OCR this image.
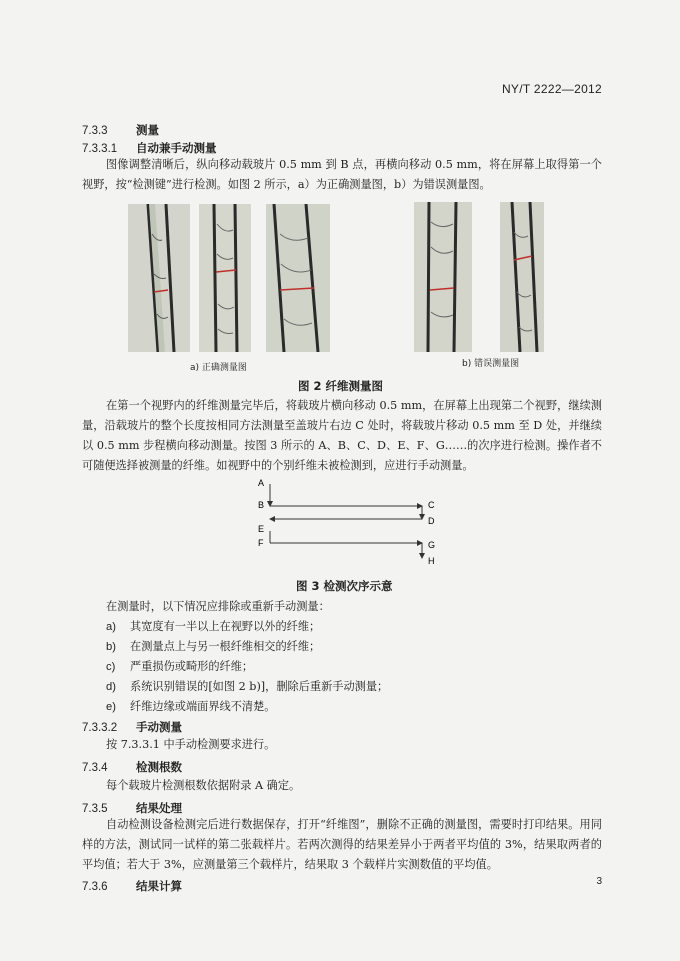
NY/T 2222—2012
7.3.3 测量
7.3.3.1 自动兼手动测量
图像调整清晰后，纵向移动载玻片 0.5 mm 到 B 点，再横向移动 0.5 mm，将在屏幕上取得第一个视野，按“检测键”进行检测。如图 2 所示，a）为正确测量图，b）为错误测量图。
a) 正确测量图	b) 错误测量图
图 2 纤维测量图
在第一个视野内的纤维测量完毕后，将载玻片横向移动 0.5 mm，在屏幕上出现第二个视野，继续测量，沿载玻片的整个长度按相同方法测量至盖玻片右边 C 处时，将载玻片移动 0.5 mm 至 D 处，并继续以 0.5 mm 步程横向移动测量。按图 3 所示的 A、B、C、D、E、F、G……的次序进行检测。操作者不可随便选择被测量的纤维。如视野中的个别纤维未被检测到，应进行手动测量。
A
B	C
D
E
F	G
H
图 3 检测次序示意
在测量时，以下情况应排除或重新手动测量：
a) 其宽度有一半以上在视野以外的纤维；
b) 在测量点上与另一根纤维相交的纤维；
c) 严重损伤或畸形的纤维；
d) 系统识别错误的[如图 2 b)]，删除后重新手动测量；
e) 纤维边缘或端面界线不清楚。
7.3.3.2 手动测量
按 7.3.3.1 中手动检测要求进行。
7.3.4 检测根数
每个载玻片检测根数依据附录 A 确定。
7.3.5 结果处理
自动检测设备检测完后进行数据保存，打开“纤维图”，删除不正确的测量图，需要时打印结果。用同样的方法，测试同一试样的第二张载样片。若两次测得的结果差异小于两者平均值的 3%，结果取两者的平均值；若大于 3%，应测量第三个载样片，结果取 3 个载样片实测数值的平均值。
7.3.6 结果计算	3
